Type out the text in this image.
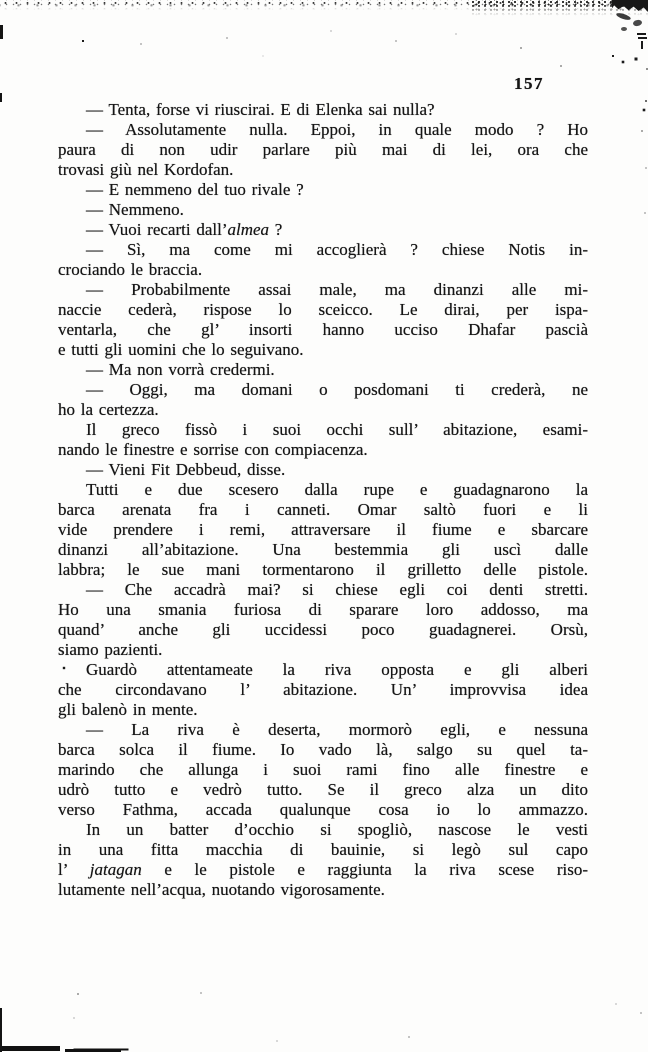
157
— Tenta, forse vi riuscirai. E di Elenka sai nulla?
— Assolutamente nulla. Eppoi, in quale modo ? Ho
paura di non udir parlare più mai di lei, ora che
trovasi giù nel Kordofan.
— E nemmeno del tuo rivale ?
— Nemmeno.
— Vuoi recarti dall’almea ?
— Sì, ma come mi accoglierà ? chiese Notis in-
crociando le braccia.
— Probabilmente assai male, ma dinanzi alle mi-
naccie cederà, rispose lo sceicco. Le dirai, per ispa-
ventarla, che gl’ insorti hanno ucciso Dhafar pascià
e tutti gli uomini che lo seguivano.
— Ma non vorrà credermi.
— Oggi, ma domani o posdomani ti crederà, ne
ho la certezza.
Il greco fissò i suoi occhi sull’ abitazione, esami-
nando le finestre e sorrise con compiacenza.
— Vieni Fit Debbeud, disse.
Tutti e due scesero dalla rupe e guadagnarono la
barca arenata fra i canneti. Omar saltò fuori e li
vide prendere i remi, attraversare il fiume e sbarcare
dinanzi all’abitazione. Una bestemmia gli uscì dalle
labbra; le sue mani tormentarono il grilletto delle pistole.
— Che accadrà mai? si chiese egli coi denti stretti.
Ho una smania furiosa di sparare loro addosso, ma
quand’ anche gli uccidessi poco guadagnerei. Orsù,
siamo pazienti.
Guardò attentameate la riva opposta e gli alberi
che circondavano l’ abitazione. Un’ improvvisa idea
gli balenò in mente.
— La riva è deserta, mormorò egli, e nessuna
barca solca il fiume. Io vado là, salgo su quel ta-
marindo che allunga i suoi rami fino alle finestre e
udrò tutto e vedrò tutto. Se il greco alza un dito
verso Fathma, accada qualunque cosa io lo ammazzo.
In un batter d’occhio si spogliò, nascose le vesti
in una fitta macchia di bauinie, si legò sul capo
l’ jatagan e le pistole e raggiunta la riva scese riso-
lutamente nell’acqua, nuotando vigorosamente.
